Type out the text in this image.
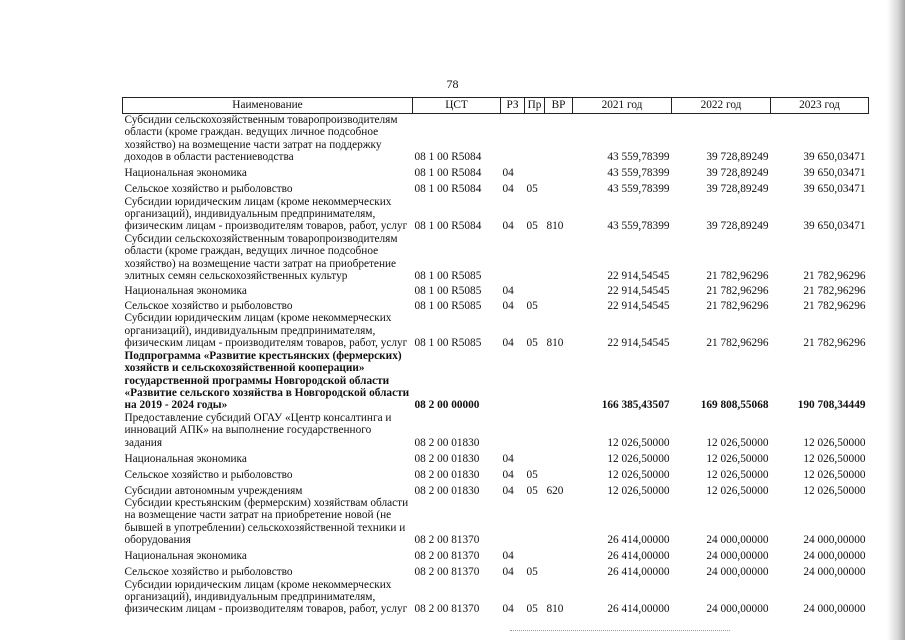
78
Наименование	ЦСТ	РЗ	Пр	ВР	2021 год	2022 год	2023 год
Субсидии сельскохозяйственным товаропроизводителям области (кроме граждан. ведущих личное подсобное хозяйство) на возмещение части затрат на поддержку доходов в области растениеводства	08 1 00 R5084				43 559,78399	39 728,89249	39 650,03471
Национальная экономика	08 1 00 R5084	04			43 559,78399	39 728,89249	39 650,03471
Сельское хозяйство и рыболовство	08 1 00 R5084	04	05		43 559,78399	39 728,89249	39 650,03471
Субсидии юридическим лицам (кроме некоммерческих организаций), индивидуальным предпринимателям, физическим лицам - производителям товаров, работ, услуг	08 1 00 R5084	04	05	810	43 559,78399	39 728,89249	39 650,03471
Субсидии сельскохозяйственным товаропроизводителям области (кроме граждан, ведущих личное подсобное хозяйство) на возмещение части затрат на приобретение элитных семян сельскохозяйственных культур	08 1 00 R5085				22 914,54545	21 782,96296	21 782,96296
Национальная экономика	08 1 00 R5085	04			22 914,54545	21 782,96296	21 782,96296
Сельское хозяйство и рыболовство	08 1 00 R5085	04	05		22 914,54545	21 782,96296	21 782,96296
Субсидии юридическим лицам (кроме некоммерческих организаций), индивидуальным предпринимателям, физическим лицам - производителям товаров, работ, услуг	08 1 00 R5085	04	05	810	22 914,54545	21 782,96296	21 782,96296
Подпрограмма «Развитие крестьянских (фермерских) хозяйств и сельскохозяйственной кооперации» государственной программы Новгородской области «Развитие сельского хозяйства в Новгородской области на 2019 - 2024 годы»	08 2 00 00000				166 385,43507	169 808,55068	190 708,34449
Предоставление субсидий ОГАУ «Центр консалтинга и инноваций АПК» на выполнение государственного задания	08 2 00 01830				12 026,50000	12 026,50000	12 026,50000
Национальная экономика	08 2 00 01830	04			12 026,50000	12 026,50000	12 026,50000
Сельское хозяйство и рыболовство	08 2 00 01830	04	05		12 026,50000	12 026,50000	12 026,50000
Субсидии автономным учреждениям	08 2 00 01830	04	05	620	12 026,50000	12 026,50000	12 026,50000
Субсидии крестьянским (фермерским) хозяйствам области на возмещение части затрат на приобретение новой (не бывшей в употреблении) сельскохозяйственной техники и оборудования	08 2 00 81370				26 414,00000	24 000,00000	24 000,00000
Национальная экономика	08 2 00 81370	04			26 414,00000	24 000,00000	24 000,00000
Сельское хозяйство и рыболовство	08 2 00 81370	04	05		26 414,00000	24 000,00000	24 000,00000
Субсидии юридическим лицам (кроме некоммерческих организаций), индивидуальным предпринимателям, физическим лицам - производителям товаров, работ, услуг	08 2 00 81370	04	05	810	26 414,00000	24 000,00000	24 000,00000
